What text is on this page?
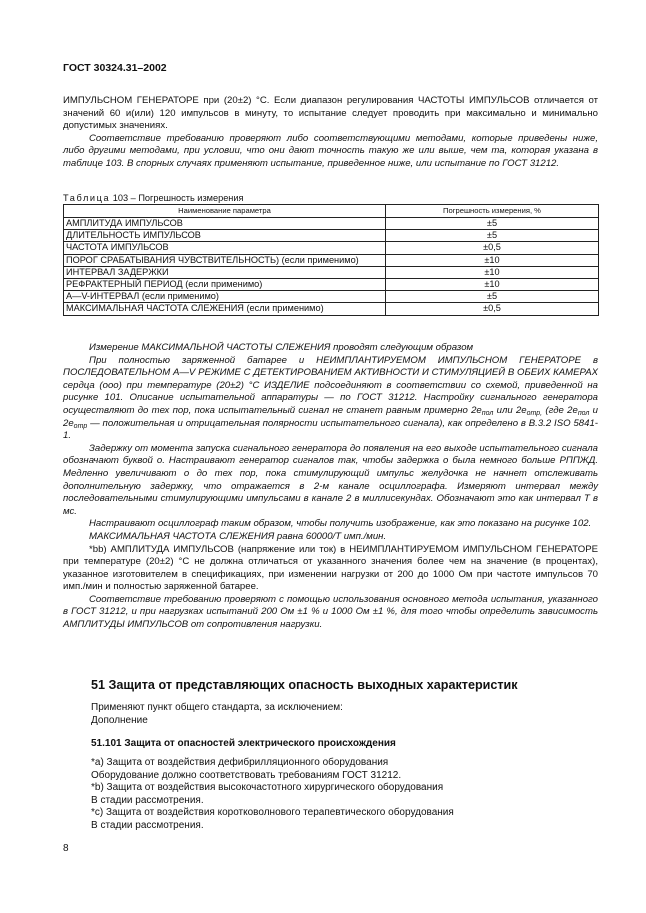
ГОСТ 30324.31–2002

ИМПУЛЬСНОМ ГЕНЕРАТОРЕ при (20±2) °С. Если диапазон регулирования ЧАСТОТЫ ИМПУЛЬСОВ отличается от значений 60 и(или) 120 импульсов в минуту, то испытание следует проводить при максимально и минимально допустимых значениях.

Соответствие требованию проверяют либо соответствующими методами, которые приведены ниже, либо другими методами, при условии, что они дают точность такую же или выше, чем та, которая указана в таблице 103. В спорных случаях применяют испытание, приведенное ниже, или испытание по ГОСТ 31212.

Таблица 103 – Погрешность измерения
Наименование параметра	Погрешность измерения, %
АМПЛИТУДА ИМПУЛЬСОВ	±5
ДЛИТЕЛЬНОСТЬ ИМПУЛЬСОВ	±5
ЧАСТОТА ИМПУЛЬСОВ	±0,5
ПОРОГ СРАБАТЫВАНИЯ ЧУВСТВИТЕЛЬНОСТЬ) (если применимо)	±10
ИНТЕРВАЛ ЗАДЕРЖКИ	±10
РЕФРАКТЕРНЫЙ ПЕРИОД (если применимо)	±10
А—V-ИНТЕРВАЛ (если применимо)	±5
МАКСИМАЛЬНАЯ ЧАСТОТА СЛЕЖЕНИЯ (если применимо)	±0,5

Измерение МАКСИМАЛЬНОЙ ЧАСТОТЫ СЛЕЖЕНИЯ проводят следующим образом

При полностью заряженной батарее и НЕИМПЛАНТИРУЕМОМ ИМПУЛЬСНОМ ГЕНЕРАТОРЕ в ПОСЛЕДОВАТЕЛЬНОМ А—V РЕЖИМЕ С ДЕТЕКТИРОВАНИЕМ АКТИВНОСТИ И СТИМУЛЯЦИЕЙ В ОБЕИХ КАМЕРАХ сердца (ооо) при температуре (20±2) °С ИЗДЕЛИЕ подсоединяют в соответствии со схемой, приведенной на рисунке 101. Описание испытательной аппаратуры — по ГОСТ 31212. Настройку сигнального генератора осуществляют до тех пор, пока испытательный сигнал не станет равным примерно $2e_{пол}$ или $2e_{отр,}$ (где $2e_{пол}$ и $2e_{отр}$ — положительная и отрицательная полярности испытательного сигнала), как определено в В.3.2 ISO 5841-1.

Задержку от момента запуска сигнального генератора до появления на его выходе испытательного сигнала обозначают буквой о. Настраивают генератор сигналов так, чтобы задержка о была немного больше РППЖД. Медленно увеличивают о до тех пор, пока стимулирующий импульс желудочка не начнет отслеживать дополнительную задержку, что отражается в 2-м канале осциллографа. Измеряют интервал между последовательными стимулирующими импульсами в канале 2 в миллисекундах. Обозначают это как интервал Т в мс.

Настраивают осциллограф таким образом, чтобы получить изображение, как это показано на рисунке 102.

МАКСИМАЛЬНАЯ ЧАСТОТА СЛЕЖЕНИЯ равна 60000/Т имп./мин.

*bb) АМПЛИТУДА ИМПУЛЬСОВ (напряжение или ток) в НЕИМПЛАНТИРУЕМОМ ИМПУЛЬСНОМ ГЕНЕРАТОРЕ при температуре (20±2) °С не должна отличаться от указанного значения более чем на значение (в процентах), указанное изготовителем в спецификациях, при изменении нагрузки от 200 до 1000 Ом при частоте импульсов 70 имп./мин и полностью заряженной батарее.

Соответствие требованию проверяют с помощью использования основного метода испытания, указанного в ГОСТ 31212, и при нагрузках испытаний 200 Ом ±1 % и 1000 Ом ±1 %, для того чтобы определить зависимость АМПЛИТУДЫ ИМПУЛЬСОВ от сопротивления нагрузки.

51 Защита от представляющих опасность выходных характеристик

Применяют пункт общего стандарта, за исключением:

Дополнение

51.101 Защита от опасностей электрического происхождения

*а) Защита от воздействия дефибрилляционного оборудования

Оборудование должно соответствовать требованиям ГОСТ 31212.

*b) Защита от воздействия высокочастотного хирургического оборудования

В стадии рассмотрения.

*с) Защита от воздействия коротковолнового терапевтического оборудования

В стадии рассмотрения.

8
